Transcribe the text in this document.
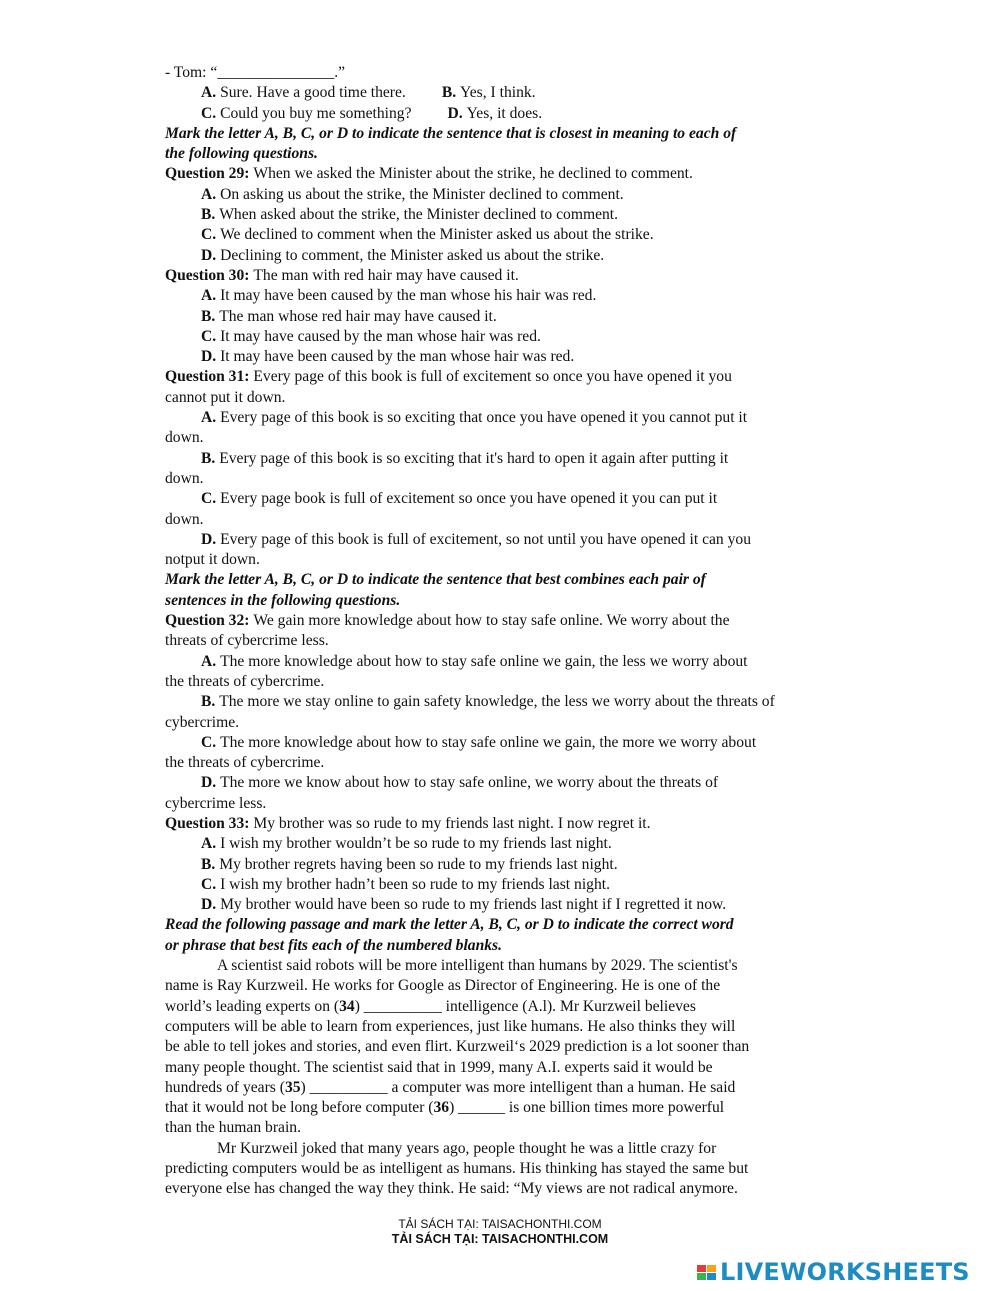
- Tom: “_______________.”
A. Sure. Have a good time there. B. Yes, I think.
C. Could you buy me something? D. Yes, it does.
Mark the letter A, B, C, or D to indicate the sentence that is closest in meaning to each of
the following questions.
Question 29: When we asked the Minister about the strike, he declined to comment.
A. On asking us about the strike, the Minister declined to comment.
B. When asked about the strike, the Minister declined to comment.
C. We declined to comment when the Minister asked us about the strike.
D. Declining to comment, the Minister asked us about the strike.
Question 30: The man with red hair may have caused it.
A. It may have been caused by the man whose his hair was red.
B. The man whose red hair may have caused it.
C. It may have caused by the man whose hair was red.
D. It may have been caused by the man whose hair was red.
Question 31: Every page of this book is full of excitement so once you have opened it you
cannot put it down.
A. Every page of this book is so exciting that once you have opened it you cannot put it
down.
B. Every page of this book is so exciting that it's hard to open it again after putting it
down.
C. Every page book is full of excitement so once you have opened it you can put it
down.
D. Every page of this book is full of excitement, so not until you have opened it can you
notput it down.
Mark the letter A, B, C, or D to indicate the sentence that best combines each pair of
sentences in the following questions.
Question 32: We gain more knowledge about how to stay safe online. We worry about the
threats of cybercrime less.
A. The more knowledge about how to stay safe online we gain, the less we worry about
the threats of cybercrime.
B. The more we stay online to gain safety knowledge, the less we worry about the threats of
cybercrime.
C. The more knowledge about how to stay safe online we gain, the more we worry about
the threats of cybercrime.
D. The more we know about how to stay safe online, we worry about the threats of
cybercrime less.
Question 33: My brother was so rude to my friends last night. I now regret it.
A. I wish my brother wouldn’t be so rude to my friends last night.
B. My brother regrets having been so rude to my friends last night.
C. I wish my brother hadn’t been so rude to my friends last night.
D. My brother would have been so rude to my friends last night if I regretted it now.
Read the following passage and mark the letter A, B, C, or D to indicate the correct word
or phrase that best fits each of the numbered blanks.
A scientist said robots will be more intelligent than humans by 2029. The scientist's
name is Ray Kurzweil. He works for Google as Director of Engineering. He is one of the
world’s leading experts on (34) __________ intelligence (A.l). Mr Kurzweil believes
computers will be able to learn from experiences, just like humans. He also thinks they will
be able to tell jokes and stories, and even flirt. Kurzweil‘s 2029 prediction is a lot sooner than
many people thought. The scientist said that in 1999, many A.I. experts said it would be
hundreds of years (35) __________ a computer was more intelligent than a human. He said
that it would not be long before computer (36) ______ is one billion times more powerful
than the human brain.
Mr Kurzweil joked that many years ago, people thought he was a little crazy for
predicting computers would be as intelligent as humans. His thinking has stayed the same but
everyone else has changed the way they think. He said: “My views are not radical anymore.
TẢI SÁCH TẠI: TAISACHONTHI.COM
TẢI SÁCH TẠI: TAISACHONTHI.COM
LIVEWORKSHEETS
